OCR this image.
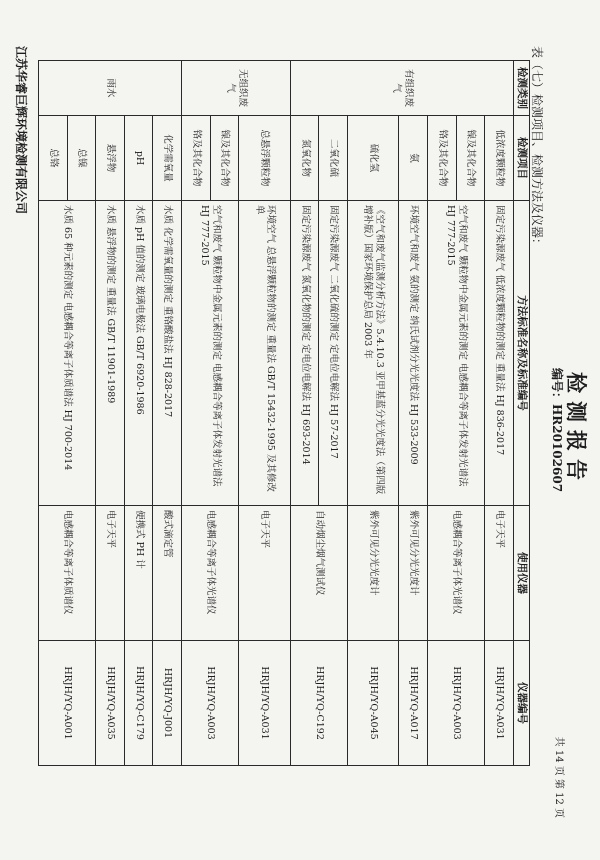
检测报告
编号：HR20102607
共 14 页 第 12 页
表（七）检测项目、检测方法及仪器：
检测类别	检测项目	方法标准名称及标准编号	使用仪器	仪器编号
有组织废气	低浓度颗粒物	固定污染源废气 低浓度颗粒物的测定 重量法 HJ 836-2017	电子天平	HRJH/YQ-A031
	镍及其化合物	空气和废气 颗粒物中金属元素的测定 电感耦合等离子体发射光谱法 HJ 777-2015	电感耦合等离子体光谱仪	HRJH/YQ-A003
	铬及其化合物			
	氨	环境空气和废气 氨的测定 纳氏试剂分光光度法 HJ 533-2009	紫外可见分光光度计	HRJH/YQ-A017
	硫化氢	《空气和废气监测分析方法》5.4.10.3 亚甲基蓝分光光度法（第四版增补版）国家环境保护总局 2003 年	紫外可见分光光度计	HRJH/YQ-A045
	二氧化硫	固定污染源废气 二氧化硫的测定 定电位电解法 HJ 57-2017	自动烟尘烟气测试仪	HRJH/YQ-C192
	氮氧化物	固定污染源废气 氮氧化物的测定 定电位电解法 HJ 693-2014		
无组织废气	总悬浮颗粒物	环境空气 总悬浮颗粒物的测定 重量法 GB/T 15432-1995 及其修改单	电子天平	HRJH/YQ-A031
	镍及其化合物	空气和废气 颗粒物中金属元素的测定 电感耦合等离子体发射光谱法 HJ 777-2015	电感耦合等离子体光谱仪	HRJH/YQ-A003
	铬及其化合物			
雨水	化学需氧量	水质 化学需氧量的测定 重铬酸盐法 HJ 828-2017	酸式滴定管	HRJH/YQ-J001
	pH	水质 pH 值的测定 玻璃电极法 GB/T 6920-1986	便携式 PH 计	HRJH/YQ-C179
	悬浮物	水质 悬浮物的测定 重量法 GB/T 11901-1989	电子天平	HRJH/YQ-A035
	总镍	水质 65 种元素的测定 电感耦合等离子体质谱法 HJ 700-2014	电感耦合等离子体质谱仪	HRJH/YQ-A001
	总铬			
江苏华睿巨辉环境检测有限公司
